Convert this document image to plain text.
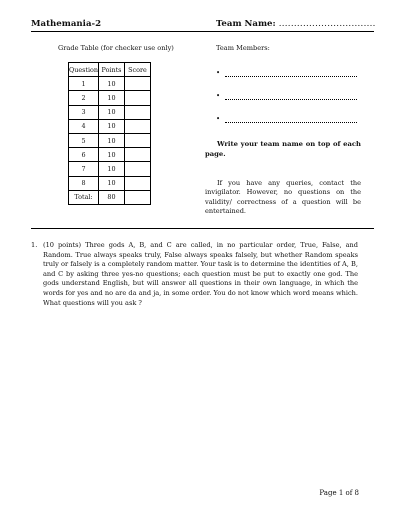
Mathemania-2	Team Name: ................................
Grade Table (for checker use only)	Team Members:
Question	Points	Score
1	10	
2	10	
3	10	
4	10	
5	10	
6	10	
7	10	
8	10	
Total:	80	
•
•
•
Write your team name on top of each page.
If you have any queries, contact the invigilator. However, no questions on the validity/ correctness of a question will be entertained.
1. (10 points) Three gods A, B, and C are called, in no particular order, True, False, and Random. True always speaks truly, False always speaks falsely, but whether Random speaks truly or falsely is a completely random matter. Your task is to determine the identities of A, B, and C by asking three yes-no questions; each question must be put to exactly one god. The gods understand English, but will answer all questions in their own language, in which the words for yes and no are da and ja, in some order. You do not know which word means which. What questions will you ask ?
Page 1 of 8
